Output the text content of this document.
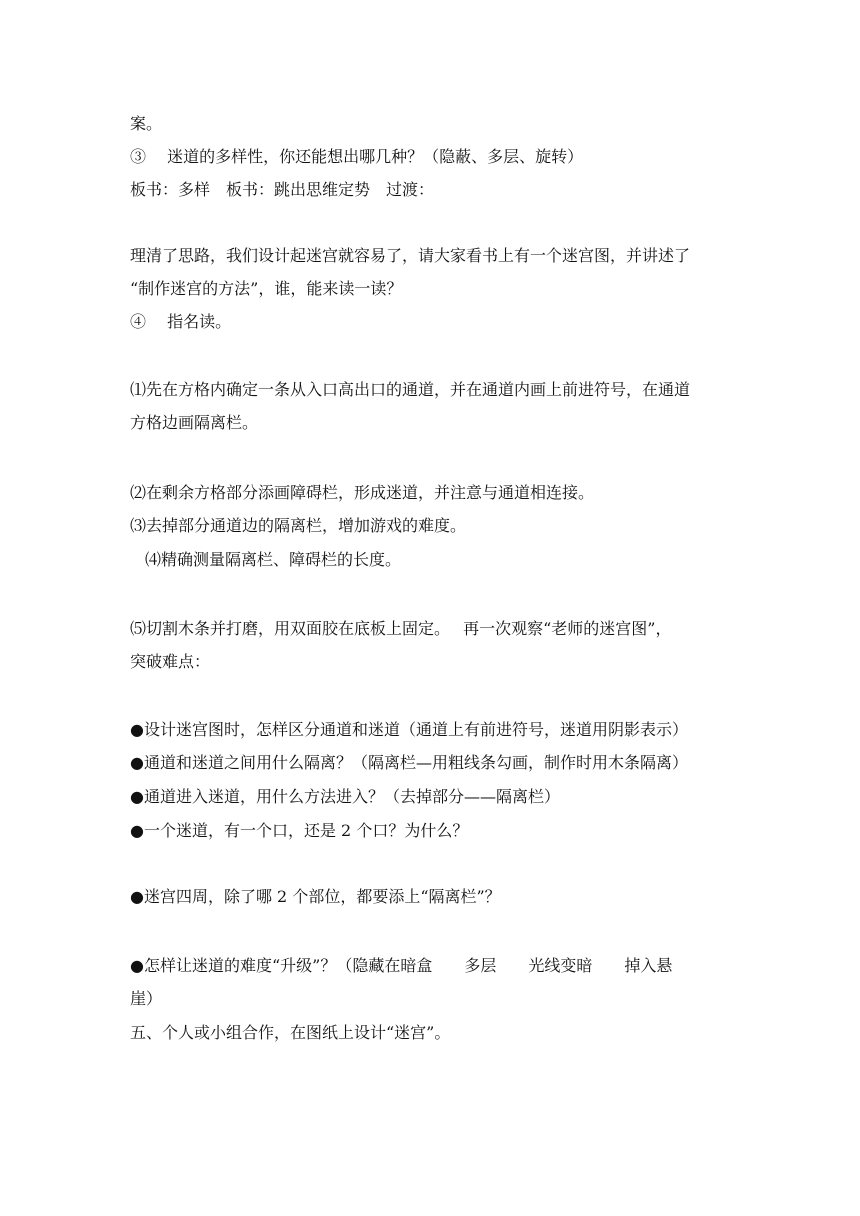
案。
③　 迷道的多样性，你还能想出哪几种？（隐蔽、多层、旋转）
板书：多样　板书：跳出思维定势　过渡：
理清了思路，我们设计起迷宫就容易了，请大家看书上有一个迷宫图，并讲述了
“制作迷宫的方法”，谁，能来读一读？
④　 指名读。
⑴先在方格内确定一条从入口高出口的通道，并在通道内画上前进符号，在通道
方格边画隔离栏。
⑵在剩余方格部分添画障碍栏，形成迷道，并注意与通道相连接。
⑶去掉部分通道边的隔离栏，增加游戏的难度。
⑷精确测量隔离栏、障碍栏的长度。
⑸切割木条并打磨，用双面胶在底板上固定。　 再一次观察“老师的迷宫图”，
突破难点：
●设计迷宫图时，怎样区分通道和迷道（通道上有前进符号，迷道用阴影表示）
●通道和迷道之间用什么隔离？（隔离栏—用粗线条勾画，制作时用木条隔离）
●通道进入迷道，用什么方法进入？（去掉部分——隔离栏）
●一个迷道，有一个口，还是 2 个口？为什么？
●迷宫四周，除了哪 2 个部位，都要添上“隔离栏”？
●怎样让迷道的难度“升级”？（隐藏在暗盒　　多层　　光线变暗　　掉入悬
崖）
五、个人或小组合作，在图纸上设计“迷宫”。
